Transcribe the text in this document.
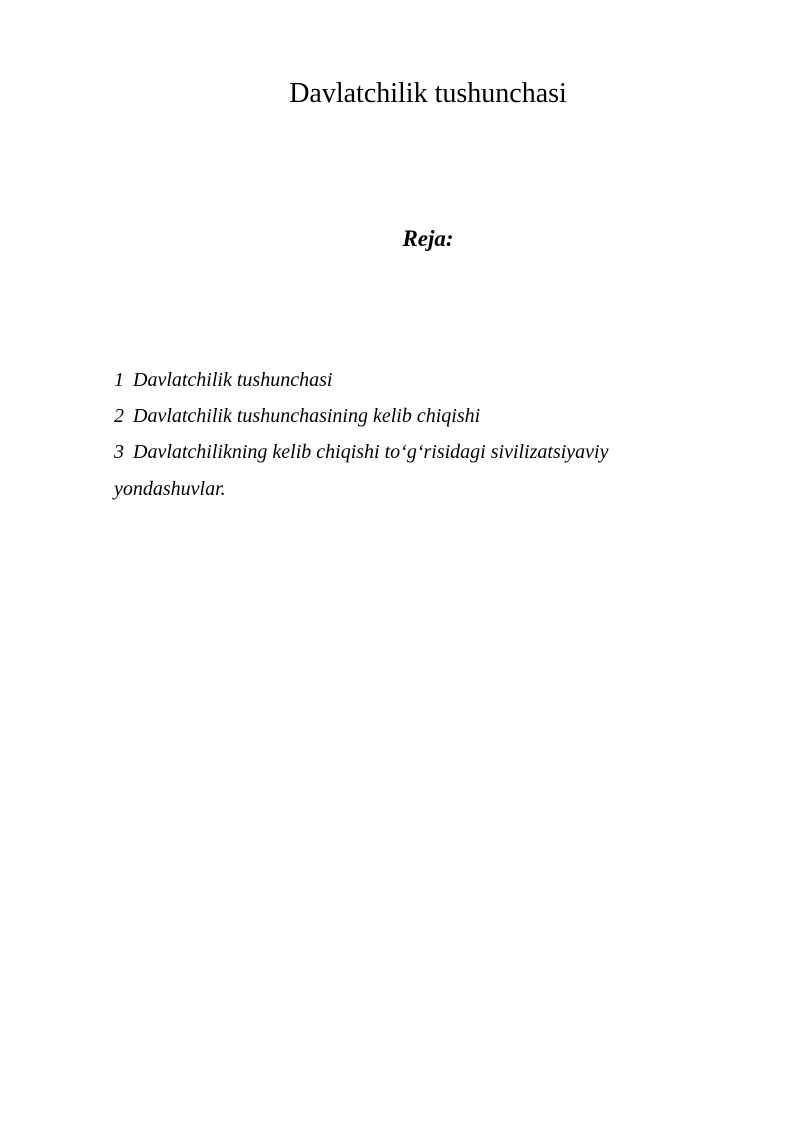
Davlatchilik tushunchasi
Reja:
1 Davlatchilik tushunchasi
2 Davlatchilik tushunchasining kelib chiqishi
3 Davlatchilikning kelib chiqishi to‘g‘risidagi sivilizatsiyaviy
yondashuvlar.
